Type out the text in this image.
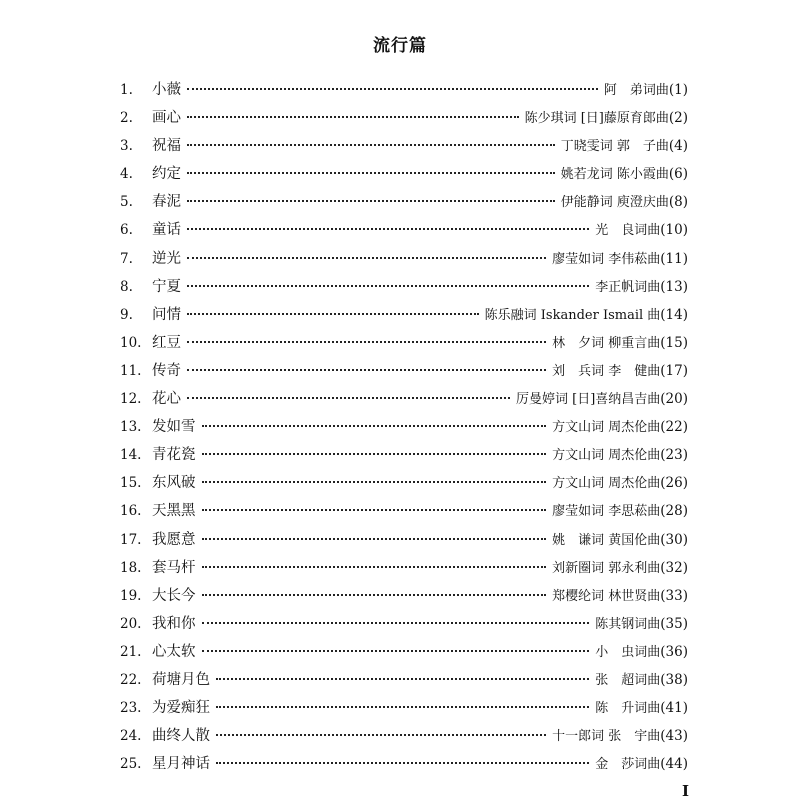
流行篇
1.	小薇	阿　弟词曲 (1)
2.	画心	陈少琪词 [日]藤原育郎曲 (2)
3.	祝福	丁晓雯词 郭　子曲 (4)
4.	约定	姚若龙词 陈小霞曲 (6)
5.	春泥	伊能静词 庾澄庆曲 (8)
6.	童话	光　良词曲 (10)
7.	逆光	廖莹如词 李伟菘曲 (11)
8.	宁夏	李正帆词曲 (13)
9.	问情	陈乐融词 Iskander Ismail 曲 (14)
10. 红豆	林　夕词 柳重言曲 (15)
11. 传奇	刘　兵词 李　健曲 (17)
12. 花心	厉曼婷词 [日]喜纳昌吉曲 (20)
13. 发如雪	方文山词 周杰伦曲 (22)
14. 青花瓷	方文山词 周杰伦曲 (23)
15. 东风破	方文山词 周杰伦曲 (26)
16. 天黑黑	廖莹如词 李思菘曲 (28)
17. 我愿意	姚　谦词 黄国伦曲 (30)
18. 套马杆	刘新圈词 郭永利曲 (32)
19. 大长今	郑樱纶词 林世贤曲 (33)
20. 我和你	陈其钢词曲 (35)
21. 心太软	小　虫词曲 (36)
22. 荷塘月色	张　超词曲 (38)
23. 为爱痴狂	陈　升词曲 (41)
24. 曲终人散	十一郎词 张　宇曲 (43)
25. 星月神话	金　莎词曲 (44)
I
